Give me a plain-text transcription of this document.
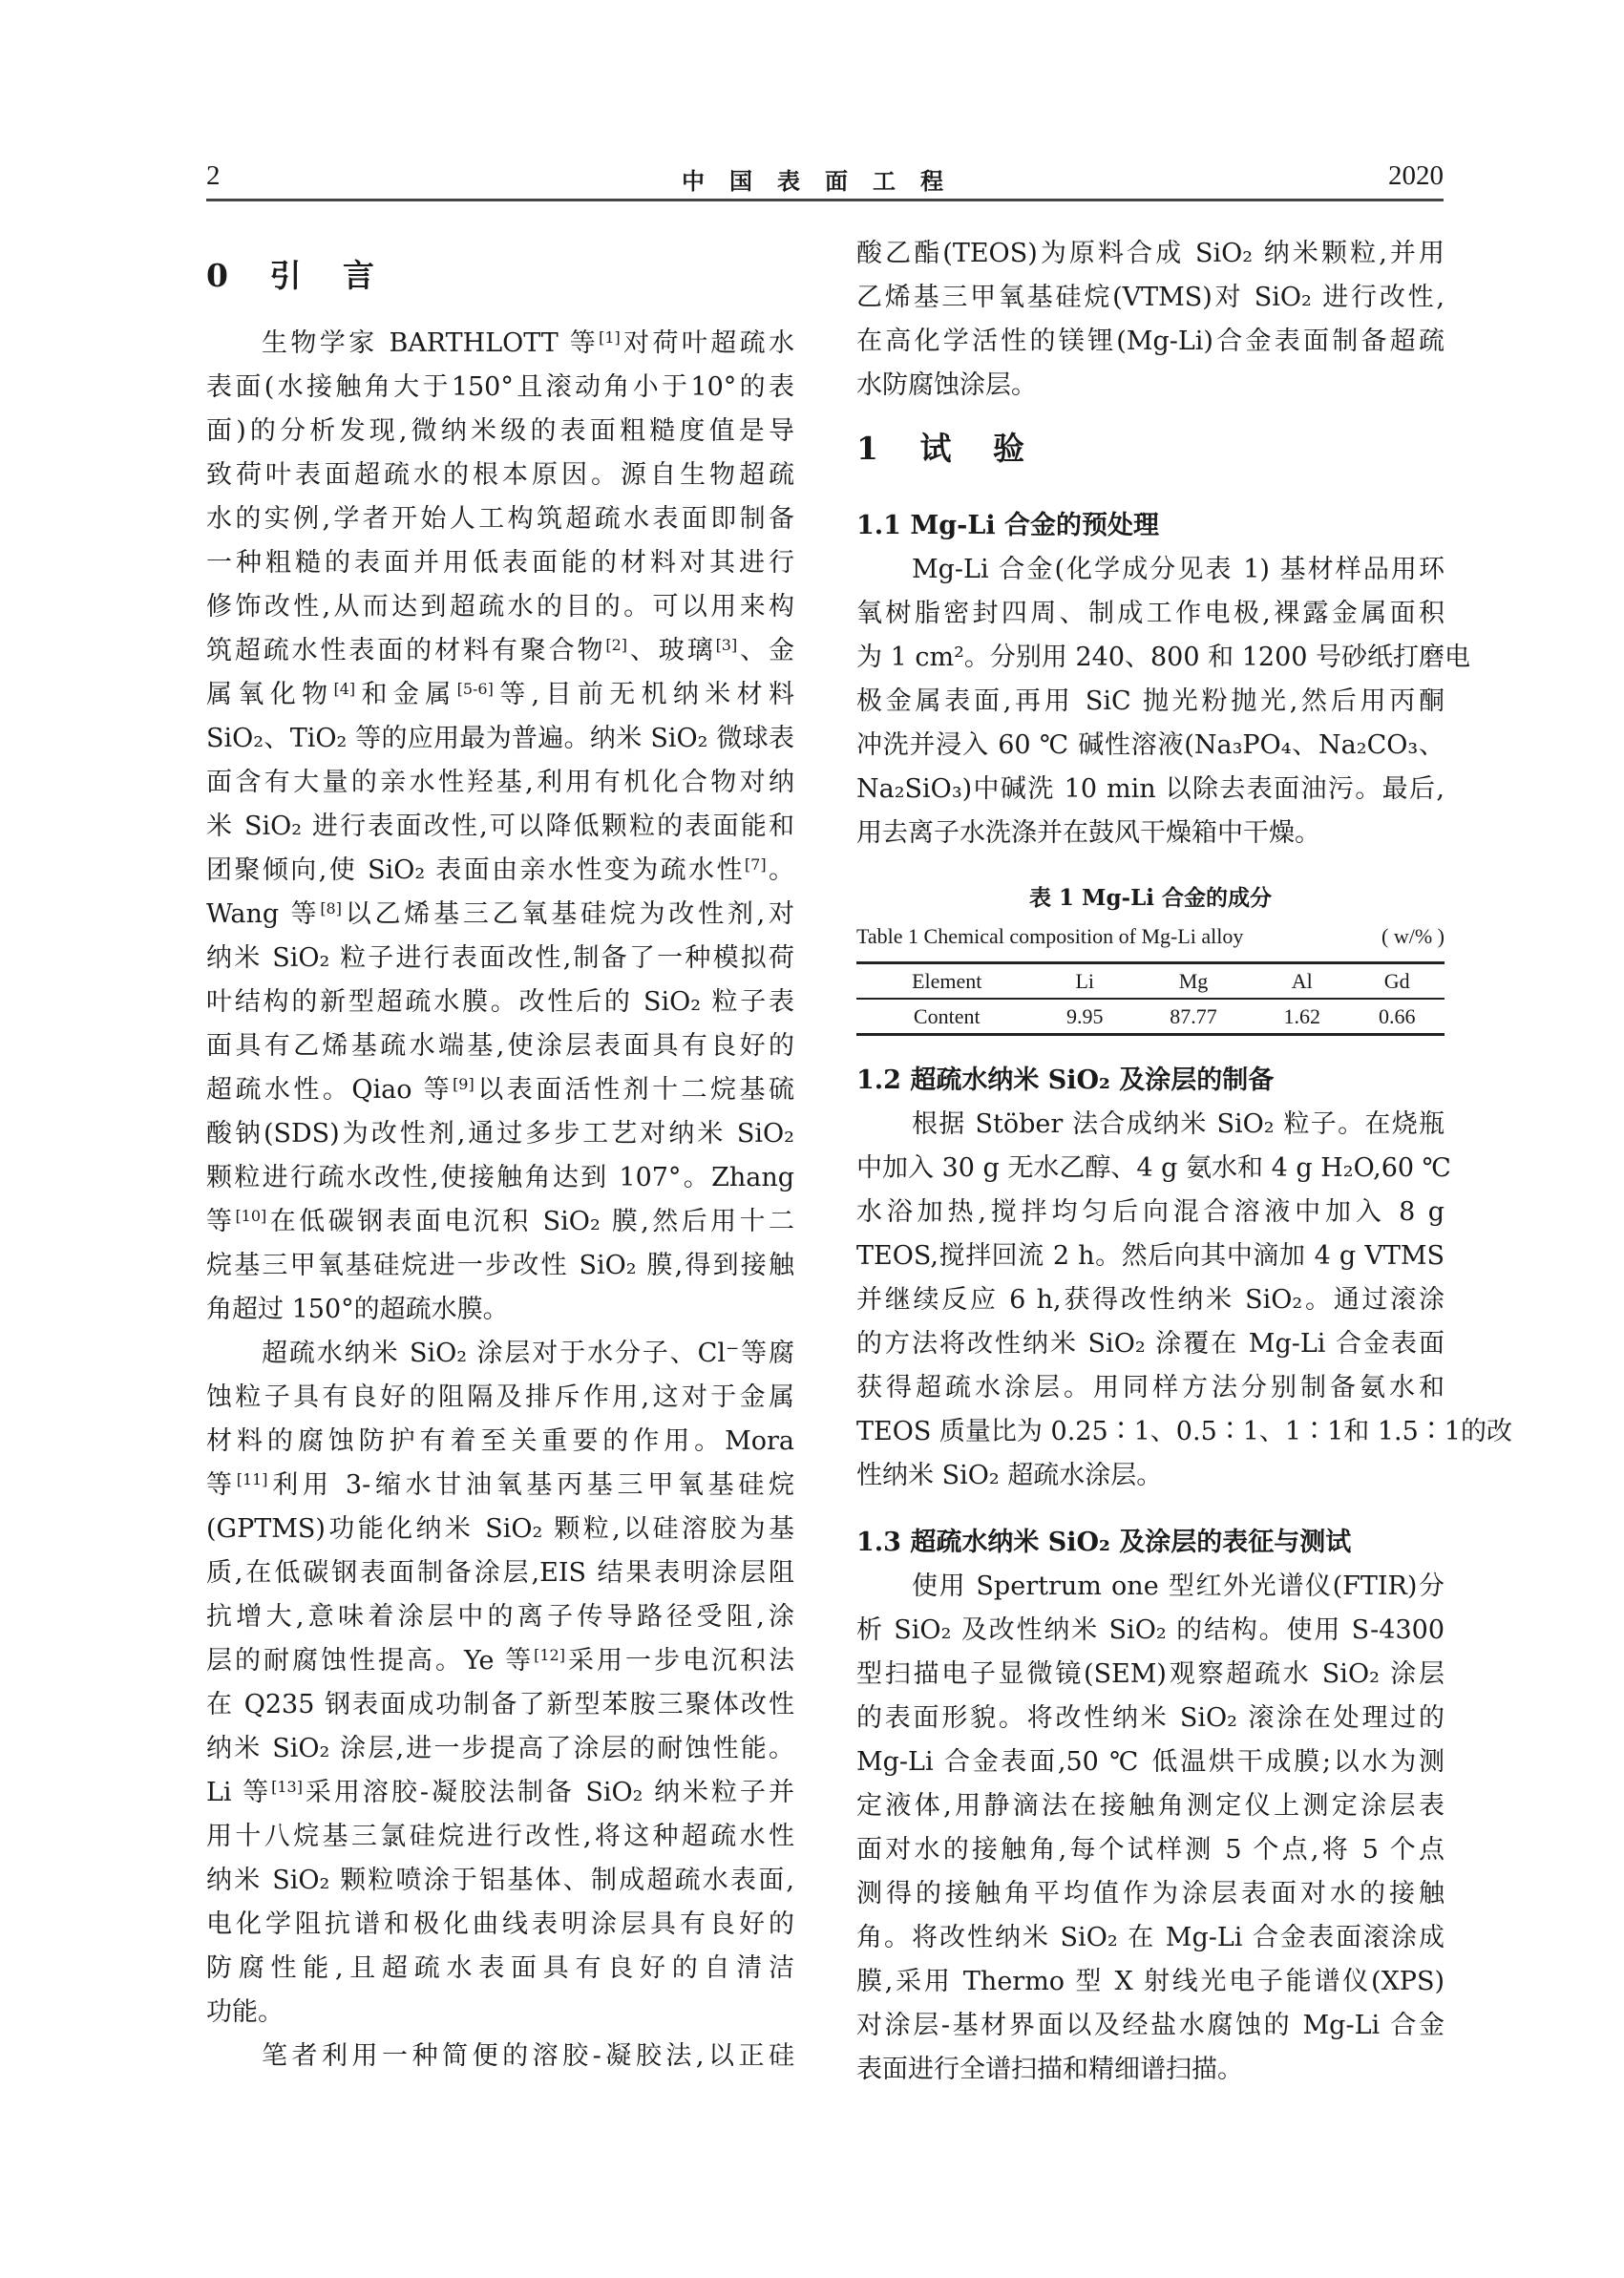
2	中国表面工程	2020
0 引 言
生物学家 BARTHLOTT 等[1]对荷叶超疏水
表面(水接触角大于150°且滚动角小于10°的表
面)的分析发现,微纳米级的表面粗糙度值是导
致荷叶表面超疏水的根本原因。源自生物超疏
水的实例,学者开始人工构筑超疏水表面即制备
一种粗糙的表面并用低表面能的材料对其进行
修饰改性,从而达到超疏水的目的。可以用来构
筑超疏水性表面的材料有聚合物[2]、玻璃[3]、金
属氧化物[4]和金属[5-6]等,目前无机纳米材料
SiO₂、TiO₂ 等的应用最为普遍。纳米 SiO₂ 微球表
面含有大量的亲水性羟基,利用有机化合物对纳
米 SiO₂ 进行表面改性,可以降低颗粒的表面能和
团聚倾向,使 SiO₂ 表面由亲水性变为疏水性[7]。
Wang 等[8]以乙烯基三乙氧基硅烷为改性剂,对
纳米 SiO₂ 粒子进行表面改性,制备了一种模拟荷
叶结构的新型超疏水膜。改性后的 SiO₂ 粒子表
面具有乙烯基疏水端基,使涂层表面具有良好的
超疏水性。Qiao 等[9]以表面活性剂十二烷基硫
酸钠(SDS)为改性剂,通过多步工艺对纳米 SiO₂
颗粒进行疏水改性,使接触角达到 107°。Zhang
等[10]在低碳钢表面电沉积 SiO₂ 膜,然后用十二
烷基三甲氧基硅烷进一步改性 SiO₂ 膜,得到接触
角超过 150°的超疏水膜。
超疏水纳米 SiO₂ 涂层对于水分子、Cl⁻等腐
蚀粒子具有良好的阻隔及排斥作用,这对于金属
材料的腐蚀防护有着至关重要的作用。Mora
等[11]利用 3-缩水甘油氧基丙基三甲氧基硅烷
(GPTMS)功能化纳米 SiO₂ 颗粒,以硅溶胶为基
质,在低碳钢表面制备涂层,EIS 结果表明涂层阻
抗增大,意味着涂层中的离子传导路径受阻,涂
层的耐腐蚀性提高。Ye 等[12]采用一步电沉积法
在 Q235 钢表面成功制备了新型苯胺三聚体改性
纳米 SiO₂ 涂层,进一步提高了涂层的耐蚀性能。
Li 等[13]采用溶胶-凝胶法制备 SiO₂ 纳米粒子并
用十八烷基三氯硅烷进行改性,将这种超疏水性
纳米 SiO₂ 颗粒喷涂于铝基体、制成超疏水表面,
电化学阻抗谱和极化曲线表明涂层具有良好的
防腐性能,且超疏水表面具有良好的自清洁
功能。
笔者利用一种简便的溶胶-凝胶法,以正硅
酸乙酯(TEOS)为原料合成 SiO₂ 纳米颗粒,并用
乙烯基三甲氧基硅烷(VTMS)对 SiO₂ 进行改性,
在高化学活性的镁锂(Mg-Li)合金表面制备超疏
水防腐蚀涂层。
1 试 验
1.1 Mg-Li 合金的预处理
Mg-Li 合金(化学成分见表 1) 基材样品用环
氧树脂密封四周、制成工作电极,裸露金属面积
为 1 cm²。分别用 240、800 和 1200 号砂纸打磨电
极金属表面,再用 SiC 抛光粉抛光,然后用丙酮
冲洗并浸入 60 ℃ 碱性溶液(Na₃PO₄、Na₂CO₃、
Na₂SiO₃)中碱洗 10 min 以除去表面油污。最后,
用去离子水洗涤并在鼓风干燥箱中干燥。
表 1 Mg-Li 合金的成分
Table 1 Chemical composition of Mg-Li alloy	( w/% )
Element	Li	Mg	Al	Gd
Content	9.95	87.77	1.62	0.66
1.2 超疏水纳米 SiO₂ 及涂层的制备
根据 Stöber 法合成纳米 SiO₂ 粒子。在烧瓶
中加入 30 g 无水乙醇、4 g 氨水和 4 g H₂O,60 ℃
水浴加热,搅拌均匀后向混合溶液中加入 8 g
TEOS,搅拌回流 2 h。然后向其中滴加 4 g VTMS
并继续反应 6 h,获得改性纳米 SiO₂。通过滚涂
的方法将改性纳米 SiO₂ 涂覆在 Mg-Li 合金表面
获得超疏水涂层。用同样方法分别制备氨水和
TEOS 质量比为 0.25∶1、0.5∶1、1∶1和 1.5∶1的改
性纳米 SiO₂ 超疏水涂层。
1.3 超疏水纳米 SiO₂ 及涂层的表征与测试
使用 Spertrum one 型红外光谱仪(FTIR)分
析 SiO₂ 及改性纳米 SiO₂ 的结构。使用 S-4300
型扫描电子显微镜(SEM)观察超疏水 SiO₂ 涂层
的表面形貌。将改性纳米 SiO₂ 滚涂在处理过的
Mg-Li 合金表面,50 ℃ 低温烘干成膜;以水为测
定液体,用静滴法在接触角测定仪上测定涂层表
面对水的接触角,每个试样测 5 个点,将 5 个点
测得的接触角平均值作为涂层表面对水的接触
角。将改性纳米 SiO₂ 在 Mg-Li 合金表面滚涂成
膜,采用 Thermo 型 X 射线光电子能谱仪(XPS)
对涂层-基材界面以及经盐水腐蚀的 Mg-Li 合金
表面进行全谱扫描和精细谱扫描。
